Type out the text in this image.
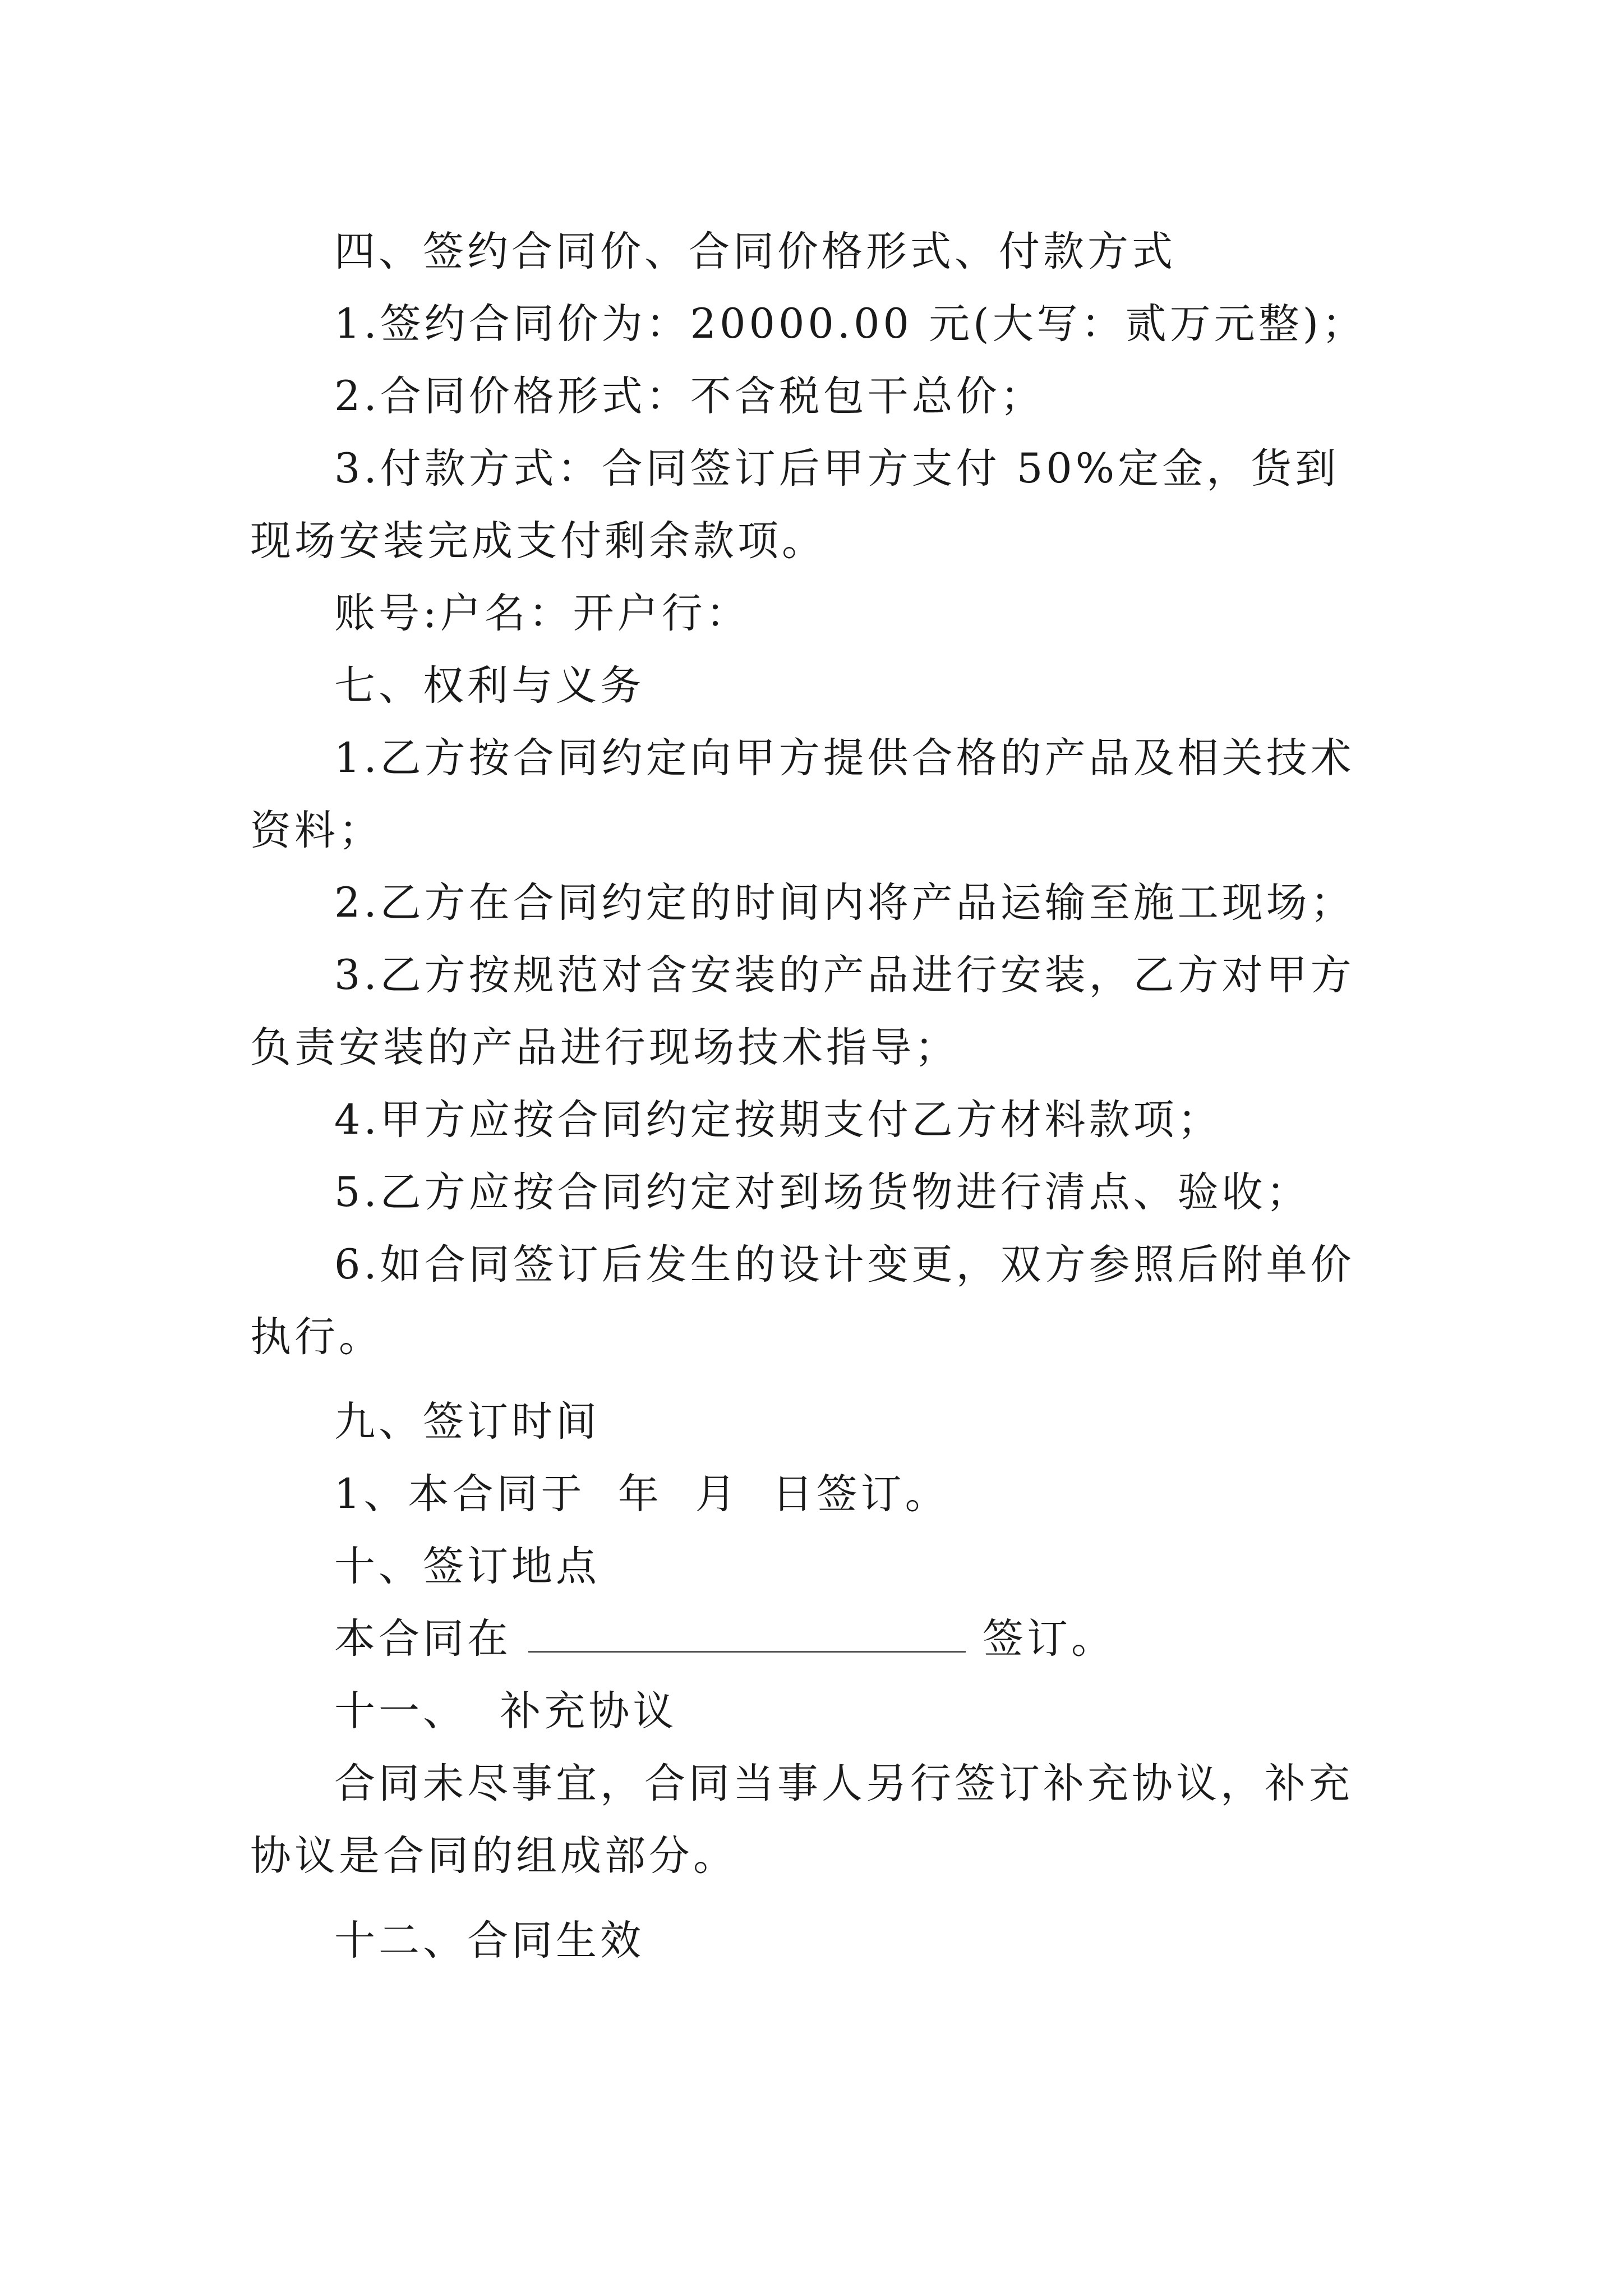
四、签约合同价、合同价格形式、付款方式

1.签约合同价为：20000.00 元(大写：贰万元整)；

2.合同价格形式：不含税包干总价；

3.付款方式：合同签订后甲方支付 50%定金，货到现场安装完成支付剩余款项。

账号:户名：开户行：

七、权利与义务

1.乙方按合同约定向甲方提供合格的产品及相关技术资料；

2.乙方在合同约定的时间内将产品运输至施工现场；

3.乙方按规范对含安装的产品进行安装，乙方对甲方负责安装的产品进行现场技术指导；

4.甲方应按合同约定按期支付乙方材料款项；

5.乙方应按合同约定对到场货物进行清点、验收；

6.如合同签订后发生的设计变更，双方参照后附单价执行。

九、签订时间

1、本合同于  年  月  日签订。

十、签订地点

本合同在	签订。

十一、  补充协议

合同未尽事宜，合同当事人另行签订补充协议，补充协议是合同的组成部分。

十二、合同生效
